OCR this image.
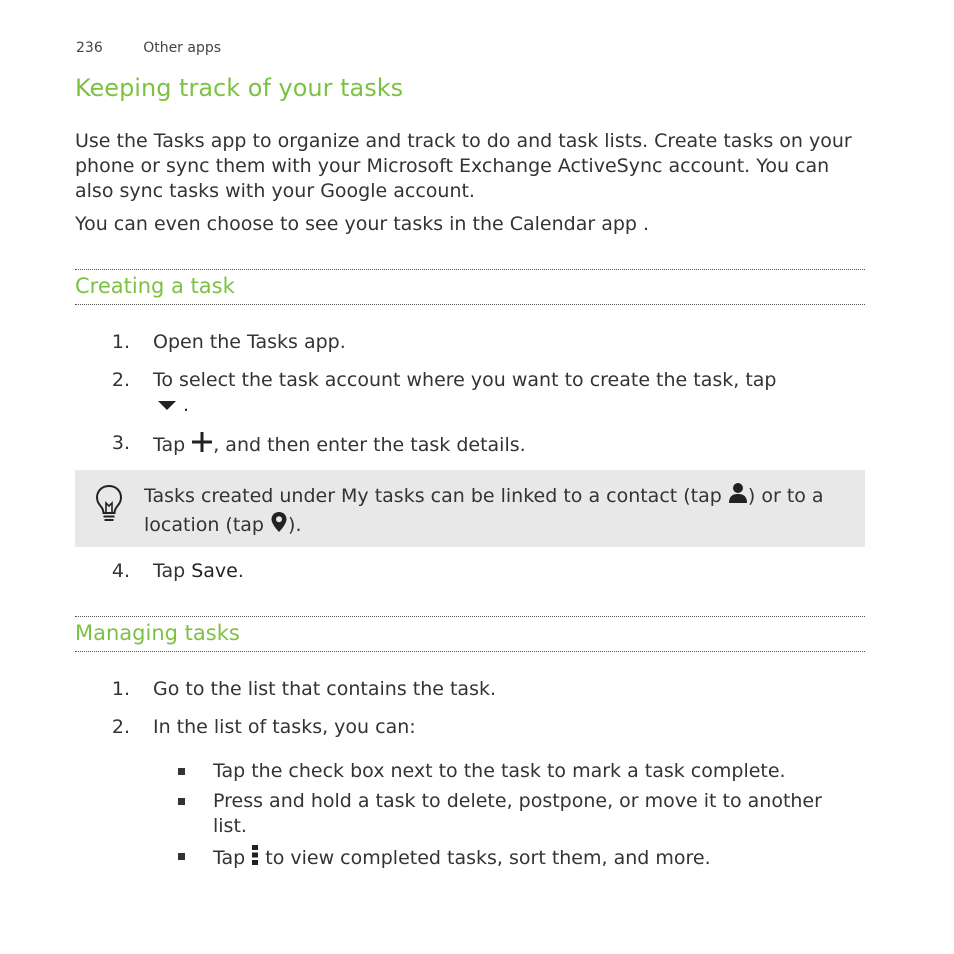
236	Other apps
Keeping track of your tasks
Use the Tasks app to organize and track to do and task lists. Create tasks on your phone or sync them with your Microsoft Exchange ActiveSync account. You can also sync tasks with your Google account.
You can even choose to see your tasks in the Calendar app .
Creating a task
1. Open the Tasks app.
2. To select the task account where you want to create the task, tap
.
3. Tap , and then enter the task details.
Tasks created under My tasks can be linked to a contact (tap ) or to a location (tap ).
4. Tap Save.
Managing tasks
1. Go to the list that contains the task.
2. In the list of tasks, you can:
Tap the check box next to the task to mark a task complete.
Press and hold a task to delete, postpone, or move it to another list.
Tap to view completed tasks, sort them, and more.
